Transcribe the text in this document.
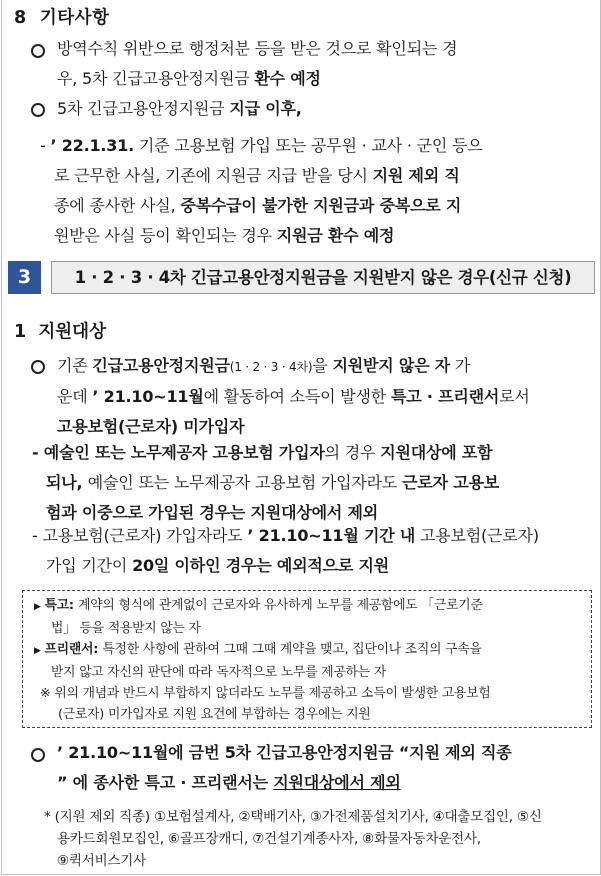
8 기타사항
방역수칙 위반으로 행정처분 등을 받은 것으로 확인되는 경
우, 5차 긴급고용안정지원금 환수 예정
5차 긴급고용안정지원금 지급 이후,
- ’ 22.1.31. 기준 고용보험 가입 또는 공무원 · 교사 · 군인 등으
로 근무한 사실, 기존에 지원금 지급 받을 당시 지원 제외 직
종에 종사한 사실, 중복수급이 불가한 지원금과 중복으로 지
원받은 사실 등이 확인되는 경우 지원금 환수 예정
3	1 · 2 · 3 · 4차 긴급고용안정지원금을 지원받지 않은 경우(신규 신청)
1 지원대상
기존 긴급고용안정지원금(1 · 2 · 3 · 4차)을 지원받지 않은 자 가
운데 ’ 21.10~11월에 활동하여 소득이 발생한 특고 · 프리랜서로서
고용보험(근로자) 미가입자
- 예술인 또는 노무제공자 고용보험 가입자의 경우 지원대상에 포함
되나, 예술인 또는 노무제공자 고용보험 가입자라도 근로자 고용보
험과 이중으로 가입된 경우는 지원대상에서 제외
- 고용보험(근로자) 가입자라도 ’ 21.10~11월 기간 내 고용보험(근로자)
가입 기간이 20일 이하인 경우는 예외적으로 지원
▶ 특고: 계약의 형식에 관계없이 근로자와 유사하게 노무를 제공함에도 「근로기준
법」 등을 적용받지 않는 자
▶ 프리랜서: 특정한 사항에 관하여 그때 그때 계약을 맺고, 집단이나 조직의 구속을
받지 않고 자신의 판단에 따라 독자적으로 노무를 제공하는 자
※ 위의 개념과 반드시 부합하지 않더라도 노무를 제공하고 소득이 발생한 고용보험
(근로자) 미가입자로 지원 요건에 부합하는 경우에는 지원
’ 21.10~11월에 금번 5차 긴급고용안정지원금 “지원 제외 직종
” 에 종사한 특고 · 프리랜서는 지원대상에서 제외
* (지원 제외 직종) ①보험설계사, ②택배기사, ③가전제품설치기사, ④대출모집인, ⑤신
용카드회원모집인, ⑥골프장캐디, ⑦건설기계종사자, ⑧화물자동차운전사,
⑨퀵서비스기사
